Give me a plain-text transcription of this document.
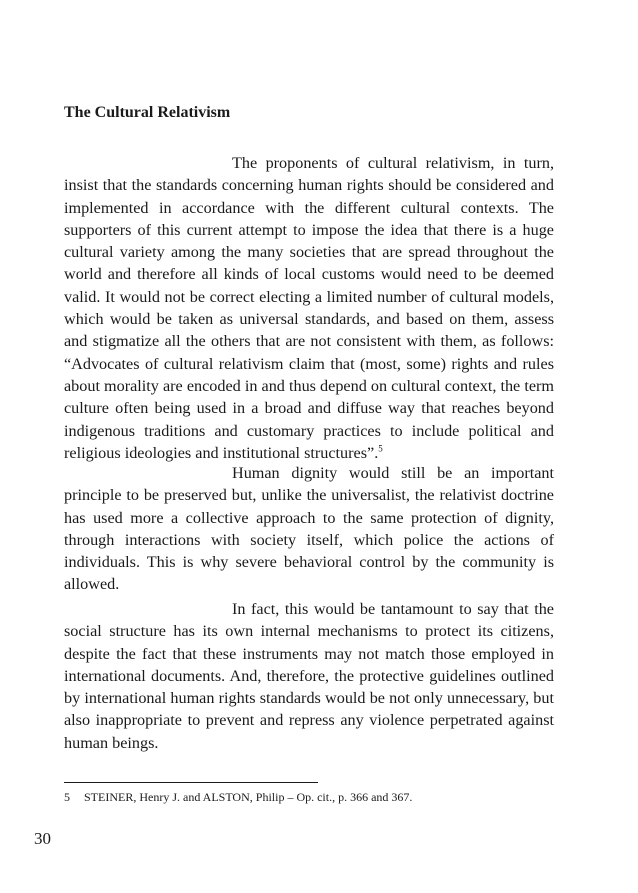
The Cultural Relativism

The proponents of cultural relativism, in turn, insist that the standards concerning human rights should be considered and implemented in accordance with the different cultural contexts. The supporters of this current attempt to impose the idea that there is a huge cultural variety among the many societies that are spread throughout the world and therefore all kinds of local customs would need to be deemed valid. It would not be correct electing a limited number of cultural models, which would be taken as universal standards, and based on them, assess and stigmatize all the others that are not consistent with them, as follows: “Advocates of cultural relativism claim that (most, some) rights and rules about morality are encoded in and thus depend on cultural context, the term culture often being used in a broad and diffuse way that reaches beyond indigenous traditions and customary practices to include political and religious ideologies and institutional structures”.$^5$

Human dignity would still be an important principle to be preserved but, unlike the universalist, the relativist doctrine has used more a collective approach to the same protection of dignity, through interactions with society itself, which police the actions of individuals. This is why severe behavioral control by the community is allowed.

In fact, this would be tantamount to say that the social structure has its own internal mechanisms to protect its citizens, despite the fact that these instruments may not match those employed in international documents. And, therefore, the protective guidelines outlined by international human rights standards would be not only unnecessary, but also inappropriate to prevent and repress any violence perpetrated against human beings.

5 STEINER, Henry J. and ALSTON, Philip – Op. cit., p. 366 and 367.

30
